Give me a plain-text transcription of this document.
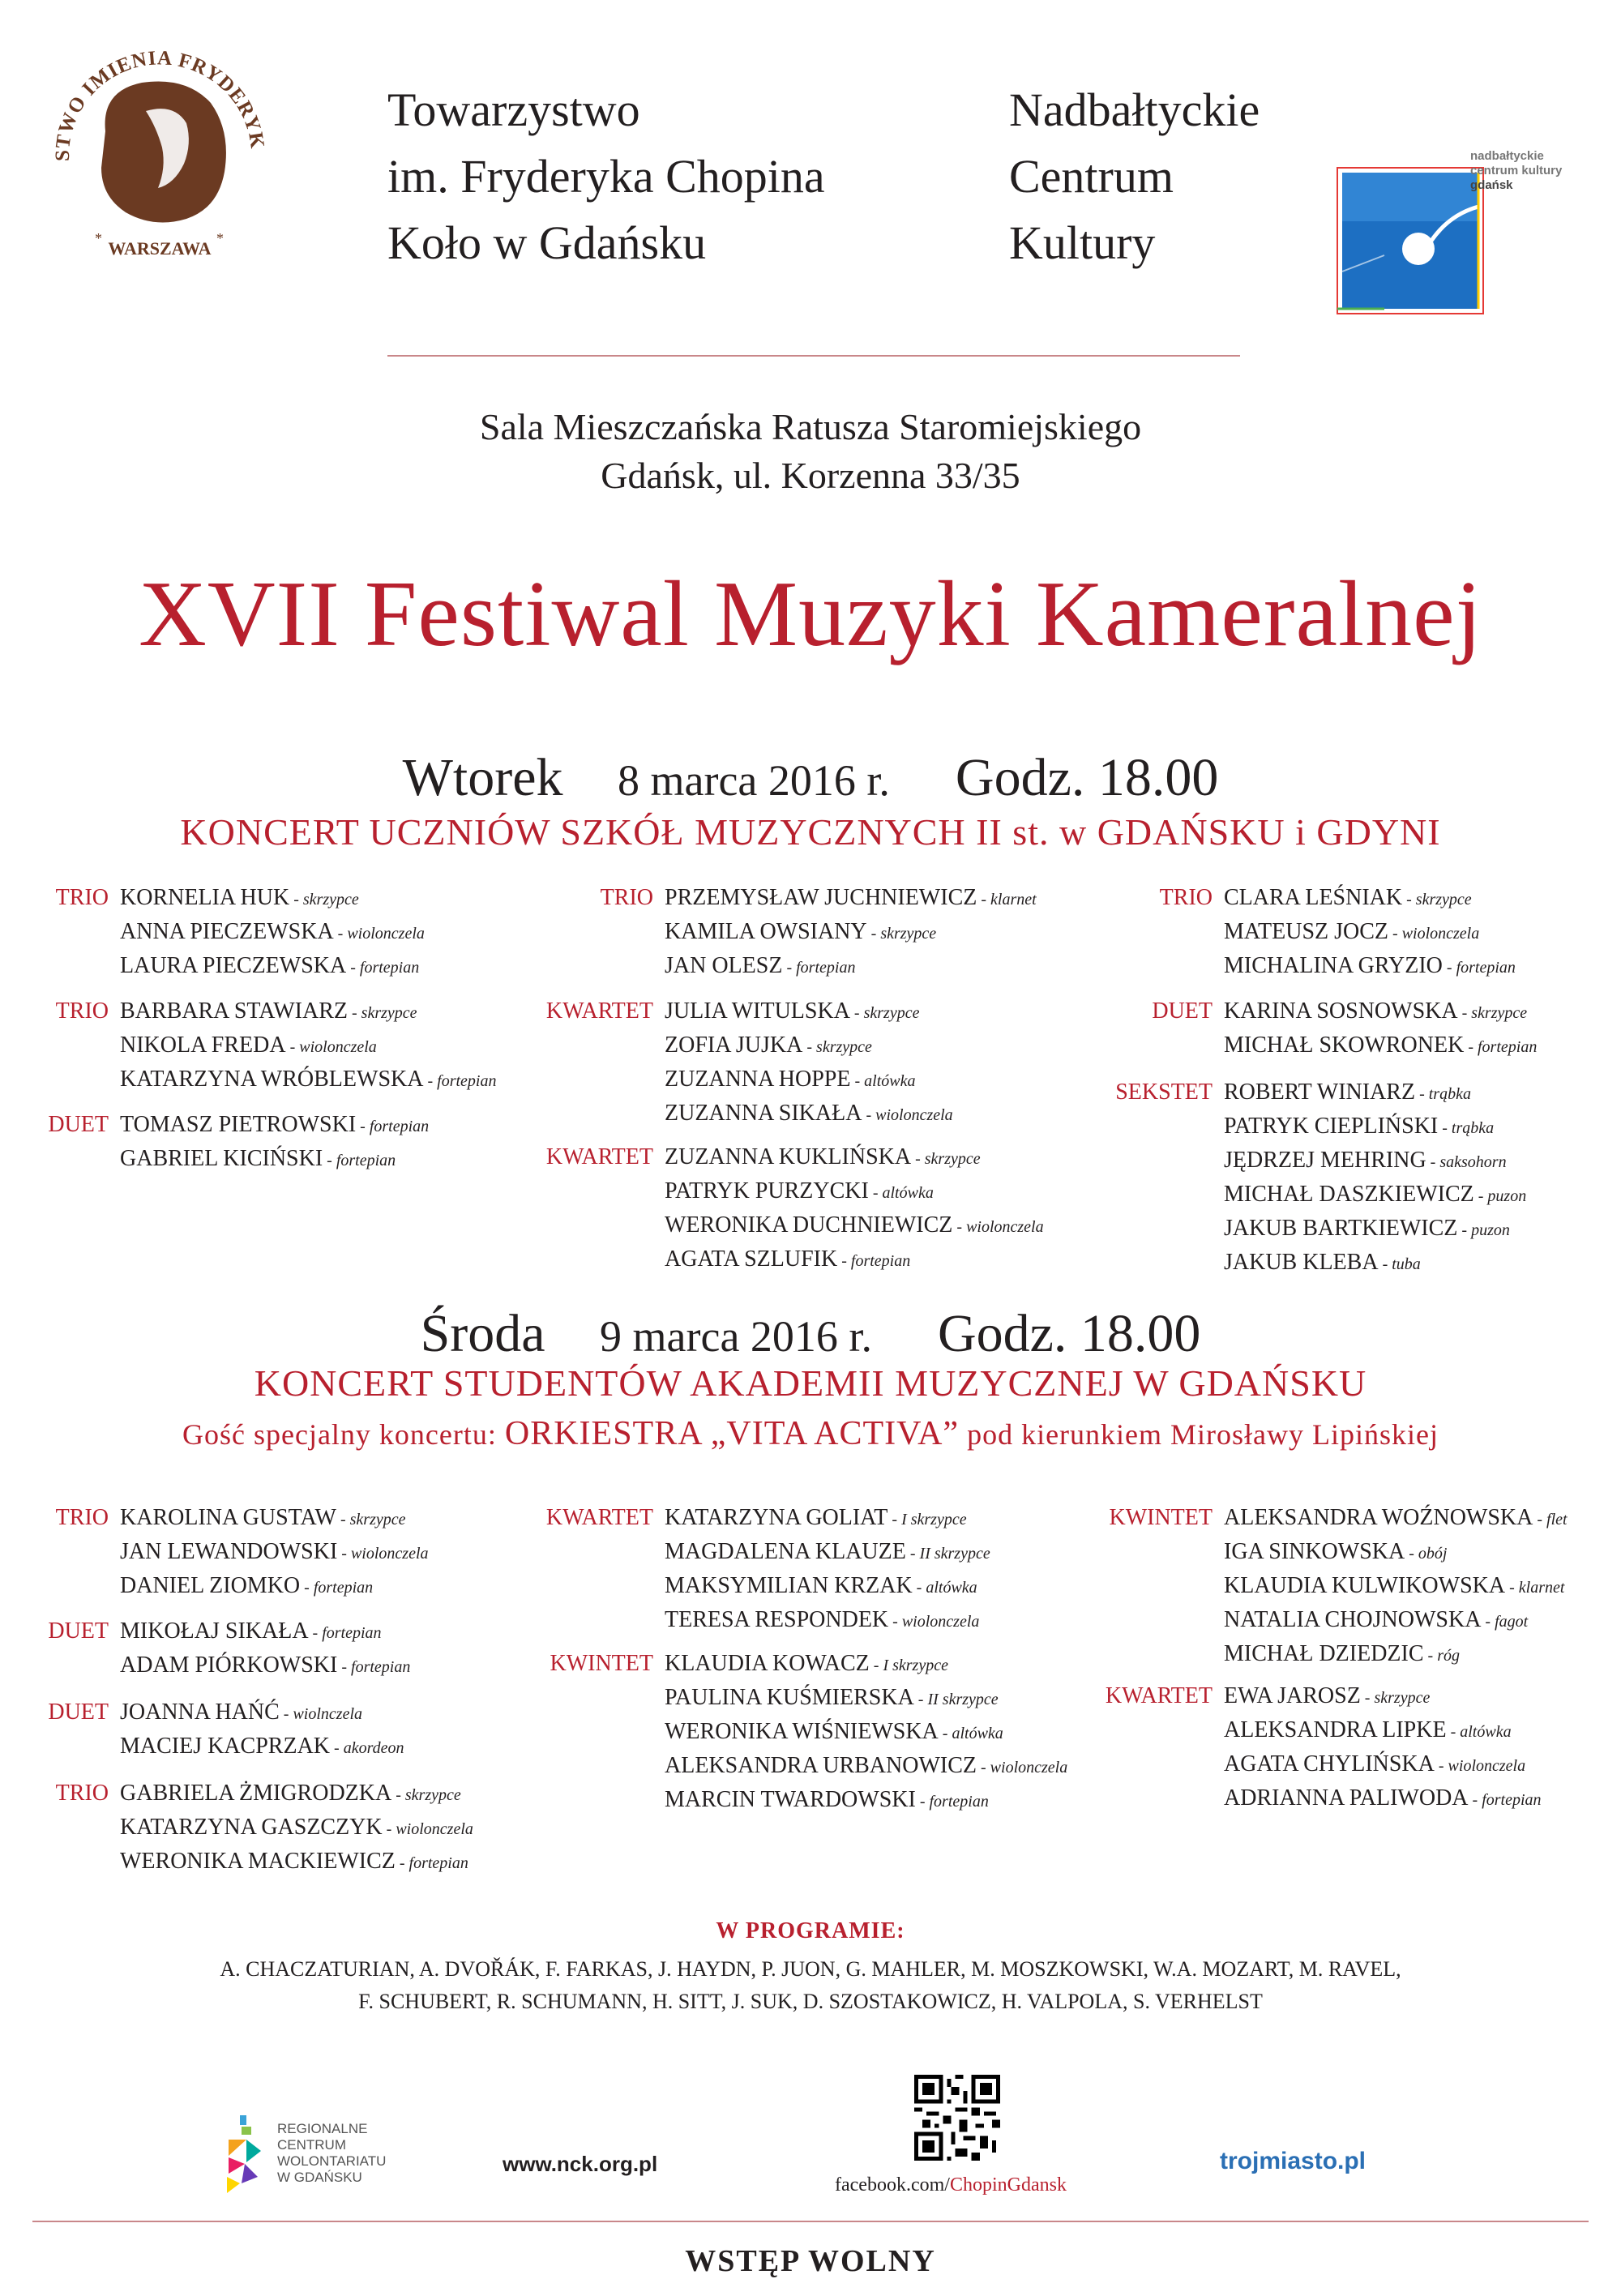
STWO IMIENIA FRYDERYK
WARSZAWA
*	*
Towarzystwo
im. Fryderyka Chopina
Koło w Gdańsku
Nadbałtyckie
Centrum
Kultury
nadbałtyckie
centrum kultury
gdańsk
Sala Mieszczańska Ratusza Staromiejskiego
Gdańsk, ul. Korzenna 33/35
XVII Festiwal Muzyki Kameralnej
Wtorek 8 marca 2016 r. Godz. 18.00
KONCERT UCZNIÓW SZKÓŁ MUZYCZNYCH II st. w GDAŃSKU i GDYNI
TRIO KORNELIA HUK - skrzypce
ANNA PIECZEWSKA - wiolonczela
LAURA PIECZEWSKA - fortepian
TRIO BARBARA STAWIARZ - skrzypce
NIKOLA FREDA - wiolonczela
KATARZYNA WRÓBLEWSKA - fortepian
DUET TOMASZ PIETROWSKI - fortepian
GABRIEL KICIŃSKI - fortepian
TRIO PRZEMYSŁAW JUCHNIEWICZ - klarnet
KAMILA OWSIANY - skrzypce
JAN OLESZ - fortepian
KWARTET JULIA WITULSKA - skrzypce
ZOFIA JUJKA - skrzypce
ZUZANNA HOPPE - altówka
ZUZANNA SIKAŁA - wiolonczela
KWARTET ZUZANNA KUKLIŃSKA - skrzypce
PATRYK PURZYCKI - altówka
WERONIKA DUCHNIEWICZ - wiolonczela
AGATA SZLUFIK - fortepian
TRIO CLARA LEŚNIAK - skrzypce
MATEUSZ JOCZ - wiolonczela
MICHALINA GRYZIO - fortepian
DUET KARINA SOSNOWSKA - skrzypce
MICHAŁ SKOWRONEK - fortepian
SEKSTET ROBERT WINIARZ - trąbka
PATRYK CIEPLIŃSKI - trąbka
JĘDRZEJ MEHRING - saksohorn
MICHAŁ DASZKIEWICZ - puzon
JAKUB BARTKIEWICZ - puzon
JAKUB KLEBA - tuba
Środa 9 marca 2016 r. Godz. 18.00
KONCERT STUDENTÓW AKADEMII MUZYCZNEJ W GDAŃSKU
Gość specjalny koncertu: ORKIESTRA „VITA ACTIVA” pod kierunkiem Mirosławy Lipińskiej
TRIO KAROLINA GUSTAW - skrzypce
JAN LEWANDOWSKI - wiolonczela
DANIEL ZIOMKO - fortepian
DUET MIKOŁAJ SIKAŁA - fortepian
ADAM PIÓRKOWSKI - fortepian
DUET JOANNA HAŃĆ - wiolnczela
MACIEJ KACPRZAK - akordeon
TRIO GABRIELA ŻMIGRODZKA - skrzypce
KATARZYNA GASZCZYK - wiolonczela
WERONIKA MACKIEWICZ - fortepian
KWARTET KATARZYNA GOLIAT - I skrzypce
MAGDALENA KLAUZE - II skrzypce
MAKSYMILIAN KRZAK - altówka
TERESA RESPONDEK - wiolonczela
KWINTET KLAUDIA KOWACZ - I skrzypce
PAULINA KUŚMIERSKA - II skrzypce
WERONIKA WIŚNIEWSKA - altówka
ALEKSANDRA URBANOWICZ - wiolonczela
MARCIN TWARDOWSKI - fortepian
KWINTET ALEKSANDRA WOŹNOWSKA - flet
IGA SINKOWSKA - obój
KLAUDIA KULWIKOWSKA - klarnet
NATALIA CHOJNOWSKA - fagot
MICHAŁ DZIEDZIC - róg
KWARTET EWA JAROSZ - skrzypce
ALEKSANDRA LIPKE - altówka
AGATA CHYLIŃSKA - wiolonczela
ADRIANNA PALIWODA - fortepian
W PROGRAMIE:
A. CHACZATURIAN, A. DVOŘÁK, F. FARKAS, J. HAYDN, P. JUON, G. MAHLER, M. MOSZKOWSKI, W.A. MOZART, M. RAVEL,
F. SCHUBERT, R. SCHUMANN, H. SITT, J. SUK, D. SZOSTAKOWICZ, H. VALPOLA, S. VERHELST
REGIONALNE
CENTRUM
WOLONTARIATU
W GDAŃSKU
www.nck.org.pl
facebook.com/ChopinGdansk
trojmiasto.pl
WSTĘP WOLNY
